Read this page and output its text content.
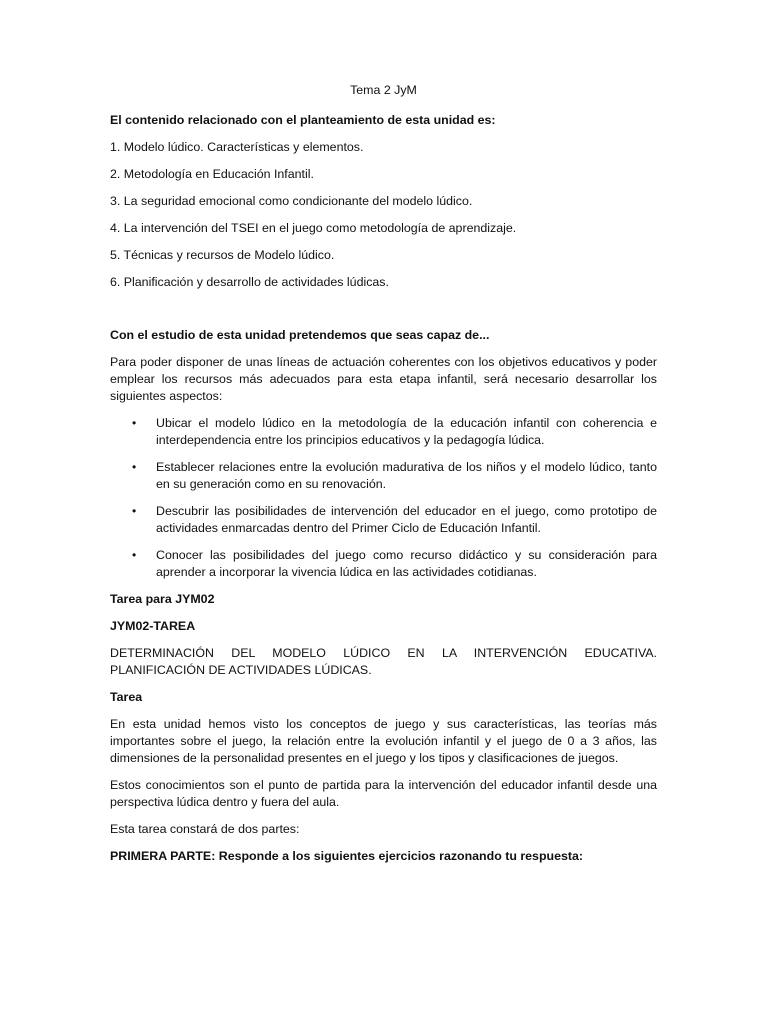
Tema 2 JyM
El contenido relacionado con el planteamiento de esta unidad es:
1. Modelo lúdico. Características y elementos.
2. Metodología en Educación Infantil.
3. La seguridad emocional como condicionante del modelo lúdico.
4. La intervención del TSEI en el juego como metodología de aprendizaje.
5. Técnicas y recursos de Modelo lúdico.
6. Planificación y desarrollo de actividades lúdicas.
Con el estudio de esta unidad pretendemos que seas capaz de...
Para poder disponer de unas líneas de actuación coherentes con los objetivos educativos y poder emplear los recursos más adecuados para esta etapa infantil, será necesario desarrollar los siguientes aspectos:
• Ubicar el modelo lúdico en la metodología de la educación infantil con coherencia e interdependencia entre los principios educativos y la pedagogía lúdica.
• Establecer relaciones entre la evolución madurativa de los niños y el modelo lúdico, tanto en su generación como en su renovación.
• Descubrir las posibilidades de intervención del educador en el juego, como prototipo de actividades enmarcadas dentro del Primer Ciclo de Educación Infantil.
• Conocer las posibilidades del juego como recurso didáctico y su consideración para aprender a incorporar la vivencia lúdica en las actividades cotidianas.
Tarea para JYM02
JYM02-TAREA
DETERMINACIÓN DEL MODELO LÚDICO EN LA INTERVENCIÓN EDUCATIVA. PLANIFICACIÓN DE ACTIVIDADES LÚDICAS.
Tarea
En esta unidad hemos visto los conceptos de juego y sus características, las teorías más importantes sobre el juego, la relación entre la evolución infantil y el juego de 0 a 3 años, las dimensiones de la personalidad presentes en el juego y los tipos y clasificaciones de juegos.
Estos conocimientos son el punto de partida para la intervención del educador infantil desde una perspectiva lúdica dentro y fuera del aula.
Esta tarea constará de dos partes:
PRIMERA PARTE: Responde a los siguientes ejercicios razonando tu respuesta:
